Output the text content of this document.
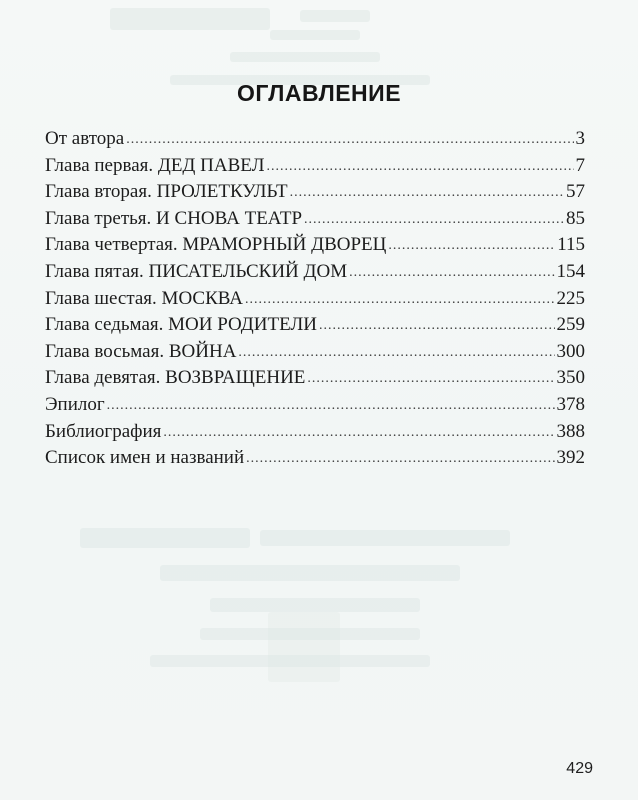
ОГЛАВЛЕНИЕ
От автора .....	3
Глава первая. ДЕД ПАВЕЛ .....	7
Глава вторая. ПРОЛЕТКУЛЬТ .....	57
Глава третья. И СНОВА ТЕАТР .....	85
Глава четвертая. МРАМОРНЫЙ ДВОРЕЦ .....	115
Глава пятая. ПИСАТЕЛЬСКИЙ ДОМ .....	154
Глава шестая. МОСКВА .....	225
Глава седьмая. МОИ РОДИТЕЛИ .....	259
Глава восьмая. ВОЙНА .....	300
Глава девятая. ВОЗВРАЩЕНИЕ .....	350
Эпилог .....	378
Библиография .....	388
Список имен и названий .....	392
429
